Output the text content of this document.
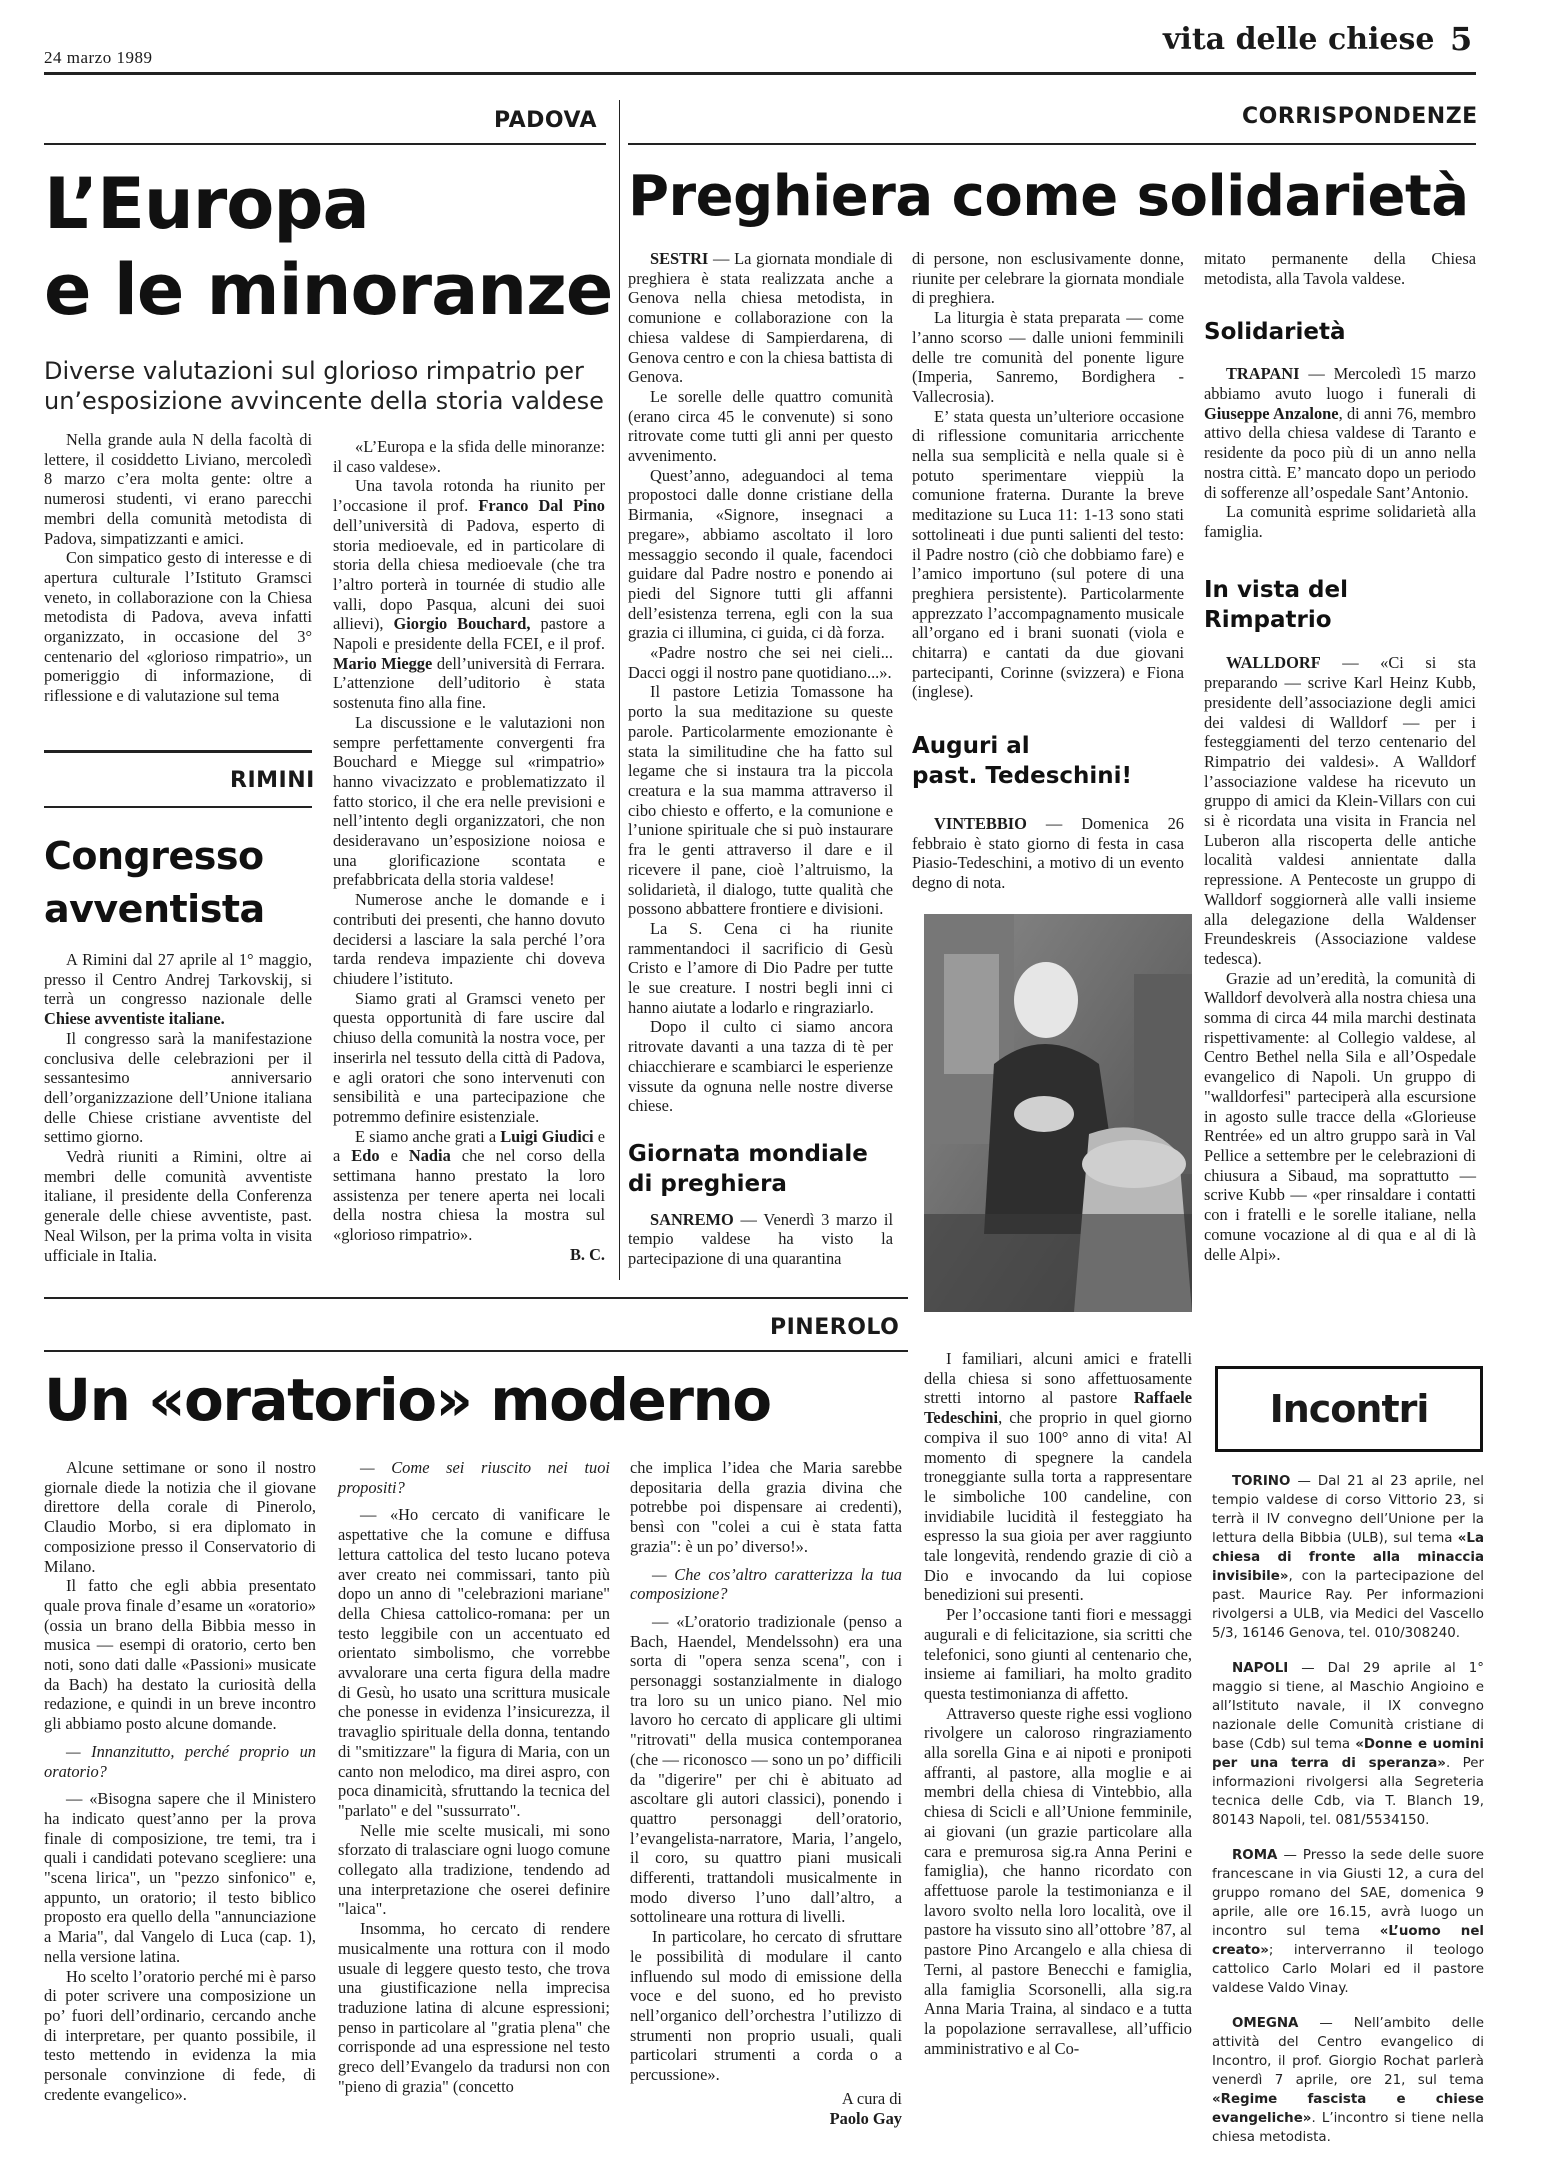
24 marzo 1989
vita delle chiese 5
PADOVA
L’Europa
e le minoranze
Diverse valutazioni sul glorioso rimpatrio per un’esposizione avvincente della storia valdese

Nella grande aula N della facoltà di lettere, il cosiddetto Liviano, mercoledì 8 marzo c’era molta gente: oltre a numerosi studenti, vi erano parecchi membri della comunità metodista di Padova, simpatizzanti e amici.

Con simpatico gesto di interesse e di apertura culturale l’Istituto Gramsci veneto, in collaborazione con la Chiesa metodista di Padova, aveva infatti organizzato, in occasione del 3° centenario del «glorioso rimpatrio», un pomeriggio di informazione, di riflessione e di valutazione sul tema

«L’Europa e la sfida delle minoranze: il caso valdese».

Una tavola rotonda ha riunito per l’occasione il prof. Franco Dal Pino dell’università di Padova, esperto di storia medioevale, ed in particolare di storia della chiesa medioevale (che tra l’altro porterà in tournée di studio alle valli, dopo Pasqua, alcuni dei suoi allievi), Giorgio Bouchard, pastore a Napoli e presidente della FCEI, e il prof. Mario Miegge dell’università di Ferrara. L’attenzione dell’uditorio è stata sostenuta fino alla fine.

La discussione e le valutazioni non sempre perfettamente convergenti fra Bouchard e Miegge sul «rimpatrio» hanno vivacizzato e problematizzato il fatto storico, il che era nelle previsioni e nell’intento degli organizzatori, che non desideravano un’esposizione noiosa e una glorificazione scontata e prefabbricata della storia valdese!

Numerose anche le domande e i contributi dei presenti, che hanno dovuto decidersi a lasciare la sala perché l’ora tarda rendeva impaziente chi doveva chiudere l’istituto.

Siamo grati al Gramsci veneto per questa opportunità di fare uscire dal chiuso della comunità la nostra voce, per inserirla nel tessuto della città di Padova, e agli oratori che sono intervenuti con sensibilità e una partecipazione che potremmo definire esistenziale.

E siamo anche grati a Luigi Giudici e a Edo e Nadia che nel corso della settimana hanno prestato la loro assistenza per tenere aperta nei locali della nostra chiesa la mostra sul «glorioso rimpatrio».

B. C.

RIMINI
Congresso
avventista

A Rimini dal 27 aprile al 1° maggio, presso il Centro Andrej Tarkovskij, si terrà un congresso nazionale delle Chiese avventiste italiane.

Il congresso sarà la manifestazione conclusiva delle celebrazioni per il sessantesimo anniversario dell’organizzazione dell’Unione italiana delle Chiese cristiane avventiste del settimo giorno.

Vedrà riuniti a Rimini, oltre ai membri delle comunità avventiste italiane, il presidente della Conferenza generale delle chiese avventiste, past. Neal Wilson, per la prima volta in visita ufficiale in Italia.

CORRISPONDENZE
Preghiera come solidarietà

SESTRI — La giornata mondiale di preghiera è stata realizzata anche a Genova nella chiesa metodista, in comunione e collaborazione con la chiesa valdese di Sampierdarena, di Genova centro e con la chiesa battista di Genova.

Le sorelle delle quattro comunità (erano circa 45 le convenute) si sono ritrovate come tutti gli anni per questo avvenimento.

Quest’anno, adeguandoci al tema propostoci dalle donne cristiane della Birmania, «Signore, insegnaci a pregare», abbiamo ascoltato il loro messaggio secondo il quale, facendoci guidare dal Padre nostro e ponendo ai piedi del Signore tutti gli affanni dell’esistenza terrena, egli con la sua grazia ci illumina, ci guida, ci dà forza.

«Padre nostro che sei nei cieli... Dacci oggi il nostro pane quotidiano...».

Il pastore Letizia Tomassone ha porto la sua meditazione su queste parole. Particolarmente emozionante è stata la similitudine che ha fatto sul legame che si instaura tra la piccola creatura e la sua mamma attraverso il cibo chiesto e offerto, e la comunione e l’unione spirituale che si può instaurare fra le genti attraverso il dare e il ricevere il pane, cioè l’altruismo, la solidarietà, il dialogo, tutte qualità che possono abbattere frontiere e divisioni.

La S. Cena ci ha riunite rammentandoci il sacrificio di Gesù Cristo e l’amore di Dio Padre per tutte le sue creature. I nostri begli inni ci hanno aiutate a lodarlo e ringraziarlo.

Dopo il culto ci siamo ancora ritrovate davanti a una tazza di tè per chiacchierare e scambiarci le esperienze vissute da ognuna nelle nostre diverse chiese.

Giornata mondiale
di preghiera

SANREMO — Venerdì 3 marzo il tempio valdese ha visto la partecipazione di una quarantina

di persone, non esclusivamente donne, riunite per celebrare la giornata mondiale di preghiera.

La liturgia è stata preparata — come l’anno scorso — dalle unioni femminili delle tre comunità del ponente ligure (Imperia, Sanremo, Bordighera - Vallecrosia).

E’ stata questa un’ulteriore occasione di riflessione comunitaria arricchente nella sua semplicità e nella quale si è potuto sperimentare vieppiù la comunione fraterna. Durante la breve meditazione su Luca 11: 1-13 sono stati sottolineati i due punti salienti del testo: il Padre nostro (ciò che dobbiamo fare) e l’amico importuno (sul potere di una preghiera persistente). Particolarmente apprezzato l’accompagnamento musicale all’organo ed i brani suonati (viola e chitarra) e cantati da due giovani partecipanti, Corinne (svizzera) e Fiona (inglese).

Auguri al
past. Tedeschini!

VINTEBBIO — Domenica 26 febbraio è stato giorno di festa in casa Piasio-Tedeschini, a motivo di un evento degno di nota.

mitato permanente della Chiesa metodista, alla Tavola valdese.

Solidarietà

TRAPANI — Mercoledì 15 marzo abbiamo avuto luogo i funerali di Giuseppe Anzalone, di anni 76, membro attivo della chiesa valdese di Taranto e residente da poco più di un anno nella nostra città. E’ mancato dopo un periodo di sofferenze all’ospedale Sant’Antonio.

La comunità esprime solidarietà alla famiglia.

In vista del
Rimpatrio

WALLDORF — «Ci si sta preparando — scrive Karl Heinz Kubb, presidente dell’associazione degli amici dei valdesi di Walldorf — per i festeggiamenti del terzo centenario del Rimpatrio dei valdesi». A Walldorf l’associazione valdese ha ricevuto un gruppo di amici da Klein-Villars con cui si è ricordata una visita in Francia nel Luberon alla riscoperta delle antiche località valdesi annientate dalla repressione. A Pentecoste un gruppo di Walldorf soggiornerà alle valli insieme alla delegazione della Waldenser Freundeskreis (Associazione valdese tedesca).

Grazie ad un’eredità, la comunità di Walldorf devolverà alla nostra chiesa una somma di circa 44 mila marchi destinata rispettivamente: al Collegio valdese, al Centro Bethel nella Sila e all’Ospedale evangelico di Napoli. Un gruppo di "walldorfesi" parteciperà alla escursione in agosto sulle tracce della «Glorieuse Rentrée» ed un altro gruppo sarà in Val Pellice a settembre per le celebrazioni di chiusura a Sibaud, ma soprattutto — scrive Kubb — «per rinsaldare i contatti con i fratelli e le sorelle italiane, nella comune vocazione al di qua e al di là delle Alpi».

PINEROLO
Un «oratorio» moderno

Alcune settimane or sono il nostro giornale diede la notizia che il giovane direttore della corale di Pinerolo, Claudio Morbo, si era diplomato in composizione presso il Conservatorio di Milano.

Il fatto che egli abbia presentato quale prova finale d’esame un «oratorio» (ossia un brano della Bibbia messo in musica — esempi di oratorio, certo ben noti, sono dati dalle «Passioni» musicate da Bach) ha destato la curiosità della redazione, e quindi in un breve incontro gli abbiamo posto alcune domande.

— Innanzitutto, perché proprio un oratorio?

— «Bisogna sapere che il Ministero ha indicato quest’anno per la prova finale di composizione, tre temi, tra i quali i candidati potevano scegliere: una "scena lirica", un "pezzo sinfonico" e, appunto, un oratorio; il testo biblico proposto era quello della "annunciazione a Maria", dal Vangelo di Luca (cap. 1), nella versione latina.

Ho scelto l’oratorio perché mi è parso di poter scrivere una composizione un po’ fuori dell’ordinario, cercando anche di interpretare, per quanto possibile, il testo mettendo in evidenza la mia personale convinzione di fede, di credente evangelico».

— Come sei riuscito nei tuoi propositi?

— «Ho cercato di vanificare le aspettative che la comune e diffusa lettura cattolica del testo lucano poteva aver creato nei commissari, tanto più dopo un anno di "celebrazioni mariane" della Chiesa cattolico-romana: per un testo leggibile con un accentuato ed orientato simbolismo, che vorrebbe avvalorare una certa figura della madre di Gesù, ho usato una scrittura musicale che ponesse in evidenza l’insicurezza, il travaglio spirituale della donna, tentando di "smitizzare" la figura di Maria, con un canto non melodico, ma direi aspro, con poca dinamicità, sfruttando la tecnica del "parlato" e del "sussurrato".

Nelle mie scelte musicali, mi sono sforzato di tralasciare ogni luogo comune collegato alla tradizione, tendendo ad una interpretazione che oserei definire "laica".

Insomma, ho cercato di rendere musicalmente una rottura con il modo usuale di leggere questo testo, che trova una giustificazione nella imprecisa traduzione latina di alcune espressioni; penso in particolare al "gratia plena" che corrisponde ad una espressione nel testo greco dell’Evangelo da tradursi non con "pieno di grazia" (concetto

che implica l’idea che Maria sarebbe depositaria della grazia divina che potrebbe poi dispensare ai credenti), bensì con "colei a cui è stata fatta grazia": è un po’ diverso!».

— Che cos’altro caratterizza la tua composizione?

— «L’oratorio tradizionale (penso a Bach, Haendel, Mendelssohn) era una sorta di "opera senza scena", con i personaggi sostanzialmente in dialogo tra loro su un unico piano. Nel mio lavoro ho cercato di applicare gli ultimi "ritrovati" della musica contemporanea (che — riconosco — sono un po’ difficili da "digerire" per chi è abituato ad ascoltare gli autori classici), ponendo i quattro personaggi dell’oratorio, l’evangelista-narratore, Maria, l’angelo, il coro, su quattro piani musicali differenti, trattandoli musicalmente in modo diverso l’uno dall’altro, a sottolineare una rottura di livelli.

In particolare, ho cercato di sfruttare le possibilità di modulare il canto influendo sul modo di emissione della voce e del suono, ed ho previsto nell’organico dell’orchestra l’utilizzo di strumenti non proprio usuali, quali particolari strumenti a corda o a percussione».

A cura di

Paolo Gay

I familiari, alcuni amici e fratelli della chiesa si sono affettuosamente stretti intorno al pastore Raffaele Tedeschini, che proprio in quel giorno compiva il suo 100° anno di vita! Al momento di spegnere la candela troneggiante sulla torta a rappresentare le simboliche 100 candeline, con invidiabile lucidità il festeggiato ha espresso la sua gioia per aver raggiunto tale longevità, rendendo grazie di ciò a Dio e invocando da lui copiose benedizioni sui presenti.

Per l’occasione tanti fiori e messaggi augurali e di felicitazione, sia scritti che telefonici, sono giunti al centenario che, insieme ai familiari, ha molto gradito questa testimonianza di affetto.

Attraverso queste righe essi vogliono rivolgere un caloroso ringraziamento alla sorella Gina e ai nipoti e pronipoti affranti, al pastore, alla moglie e ai membri della chiesa di Vintebbio, alla chiesa di Scicli e all’Unione femminile, ai giovani (un grazie particolare alla cara e premurosa sig.ra Anna Perini e famiglia), che hanno ricordato con affettuose parole la testimonianza e il lavoro svolto nella loro località, ove il pastore ha vissuto sino all’ottobre ’87, al pastore Pino Arcangelo e alla chiesa di Terni, al pastore Benecchi e famiglia, alla famiglia Scorsonelli, alla sig.ra Anna Maria Traina, al sindaco e a tutta la popolazione serravallese, all’ufficio amministrativo e al Co-

Incontri

TORINO — Dal 21 al 23 aprile, nel tempio valdese di corso Vittorio 23, si terrà il IV convegno dell’Unione per la lettura della Bibbia (ULB), sul tema «La chiesa di fronte alla minaccia invisibile», con la partecipazione del past. Maurice Ray. Per informazioni rivolgersi a ULB, via Medici del Vascello 5/3, 16146 Genova, tel. 010/308240.

NAPOLI — Dal 29 aprile al 1° maggio si tiene, al Maschio Angioino e all’Istituto navale, il IX convegno nazionale delle Comunità cristiane di base (Cdb) sul tema «Donne e uomini per una terra di speranza». Per informazioni rivolgersi alla Segreteria tecnica delle Cdb, via T. Blanch 19, 80143 Napoli, tel. 081/5534150.

ROMA — Presso la sede delle suore francescane in via Giusti 12, a cura del gruppo romano del SAE, domenica 9 aprile, alle ore 16.15, avrà luogo un incontro sul tema «L’uomo nel creato»; interverranno il teologo cattolico Carlo Molari ed il pastore valdese Valdo Vinay.

OMEGNA — Nell’ambito delle attività del Centro evangelico di Incontro, il prof. Giorgio Rochat parlerà venerdì 7 aprile, ore 21, sul tema «Regime fascista e chiese evangeliche». L’incontro si tiene nella chiesa metodista.
